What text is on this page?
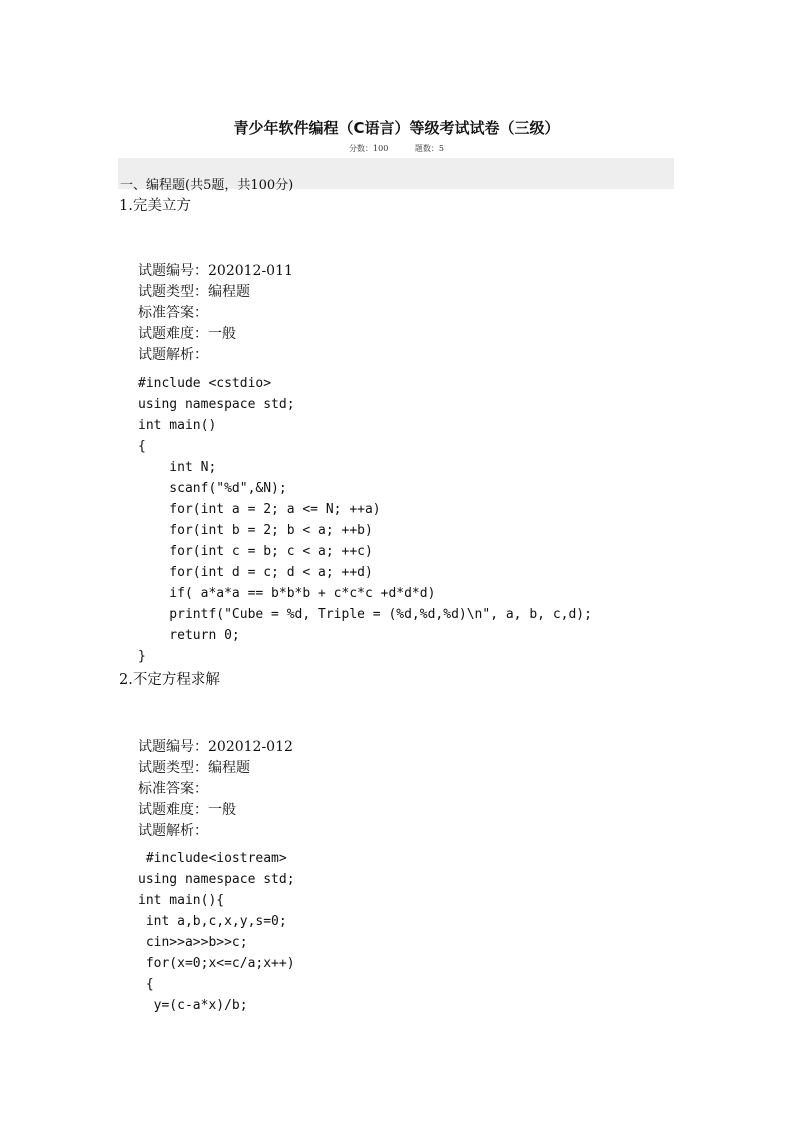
青少年软件编程（C语言）等级考试试卷（三级）
分数：100	题数：5
一、编程题(共5题，共100分)
1.完美立方
试题编号：202012-011
试题类型：编程题
标准答案：
试题难度：一般
试题解析：
#include <cstdio>
using namespace std;
int main()
{
int N;
scanf("%d",&N);
for(int a = 2; a <= N; ++a)
for(int b = 2; b < a; ++b)
for(int c = b; c < a; ++c)
for(int d = c; d < a; ++d)
if( a*a*a == b*b*b + c*c*c +d*d*d)
printf("Cube = %d, Triple = (%d,%d,%d)\n", a, b, c,d);
return 0;
}
2.不定方程求解
试题编号：202012-012
试题类型：编程题
标准答案：
试题难度：一般
试题解析：
#include<iostream>
using namespace std;
int main(){
int a,b,c,x,y,s=0;
cin>>a>>b>>c;
for(x=0;x<=c/a;x++)
{
y=(c-a*x)/b;
